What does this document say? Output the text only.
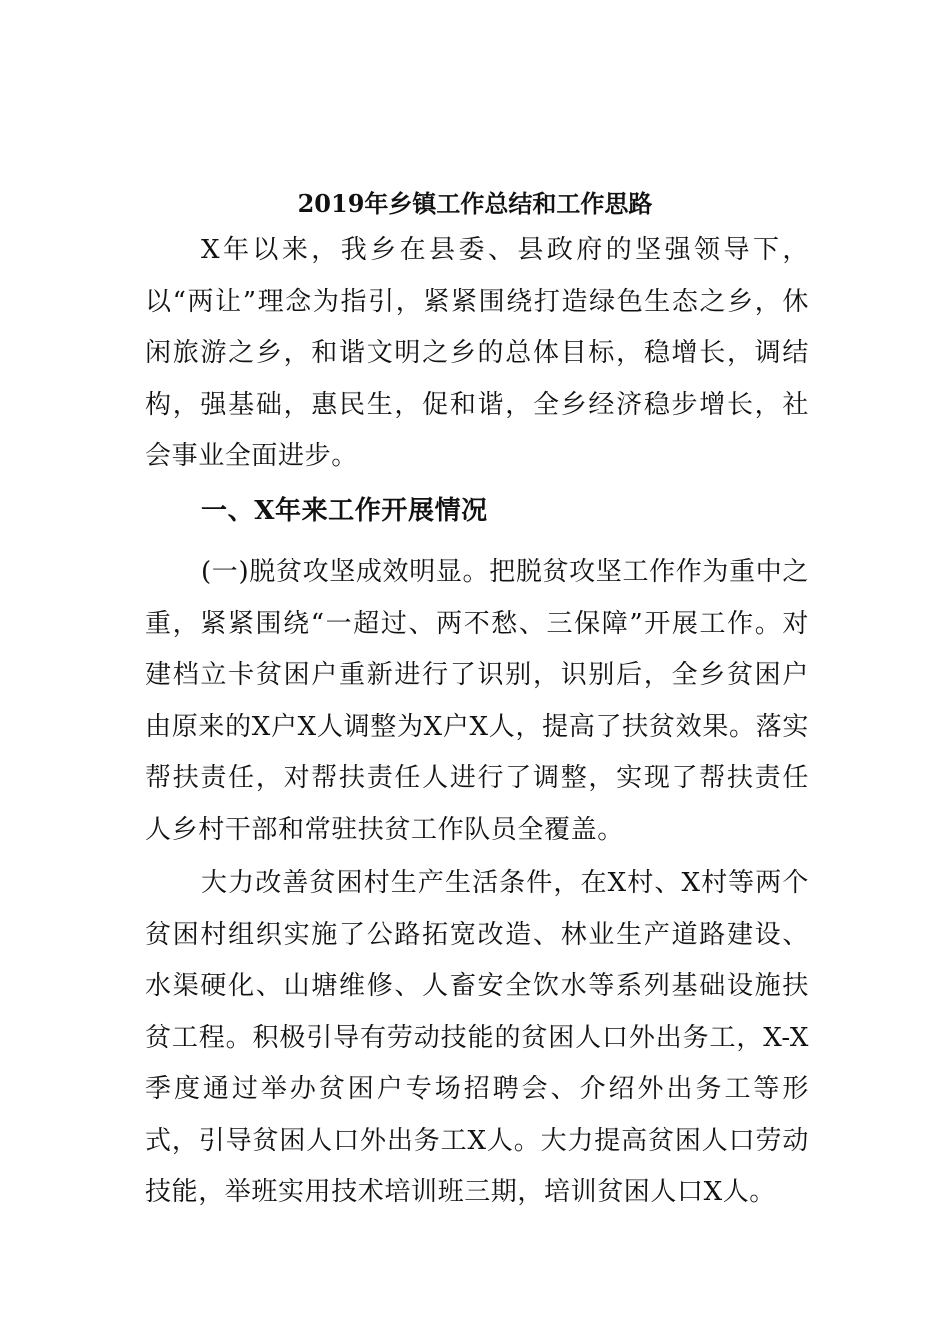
2019年乡镇工作总结和工作思路

X年以来，我乡在县委、县政府的坚强领导下，以“两让”理念为指引，紧紧围绕打造绿色生态之乡，休闲旅游之乡，和谐文明之乡的总体目标，稳增长，调结构，强基础，惠民生，促和谐，全乡经济稳步增长，社会事业全面进步。

一、X年来工作开展情况

(一)脱贫攻坚成效明显。把脱贫攻坚工作作为重中之重，紧紧围绕“一超过、两不愁、三保障”开展工作。对建档立卡贫困户重新进行了识别，识别后，全乡贫困户由原来的X户X人调整为X户X人，提高了扶贫效果。落实帮扶责任，对帮扶责任人进行了调整，实现了帮扶责任人乡村干部和常驻扶贫工作队员全覆盖。

大力改善贫困村生产生活条件，在X村、X村等两个贫困村组织实施了公路拓宽改造、林业生产道路建设、水渠硬化、山塘维修、人畜安全饮水等系列基础设施扶贫工程。积极引导有劳动技能的贫困人口外出务工，X-X季度通过举办贫困户专场招聘会、介绍外出务工等形式，引导贫困人口外出务工X人。大力提高贫困人口劳动技能，举班实用技术培训班三期，培训贫困人口X人。
